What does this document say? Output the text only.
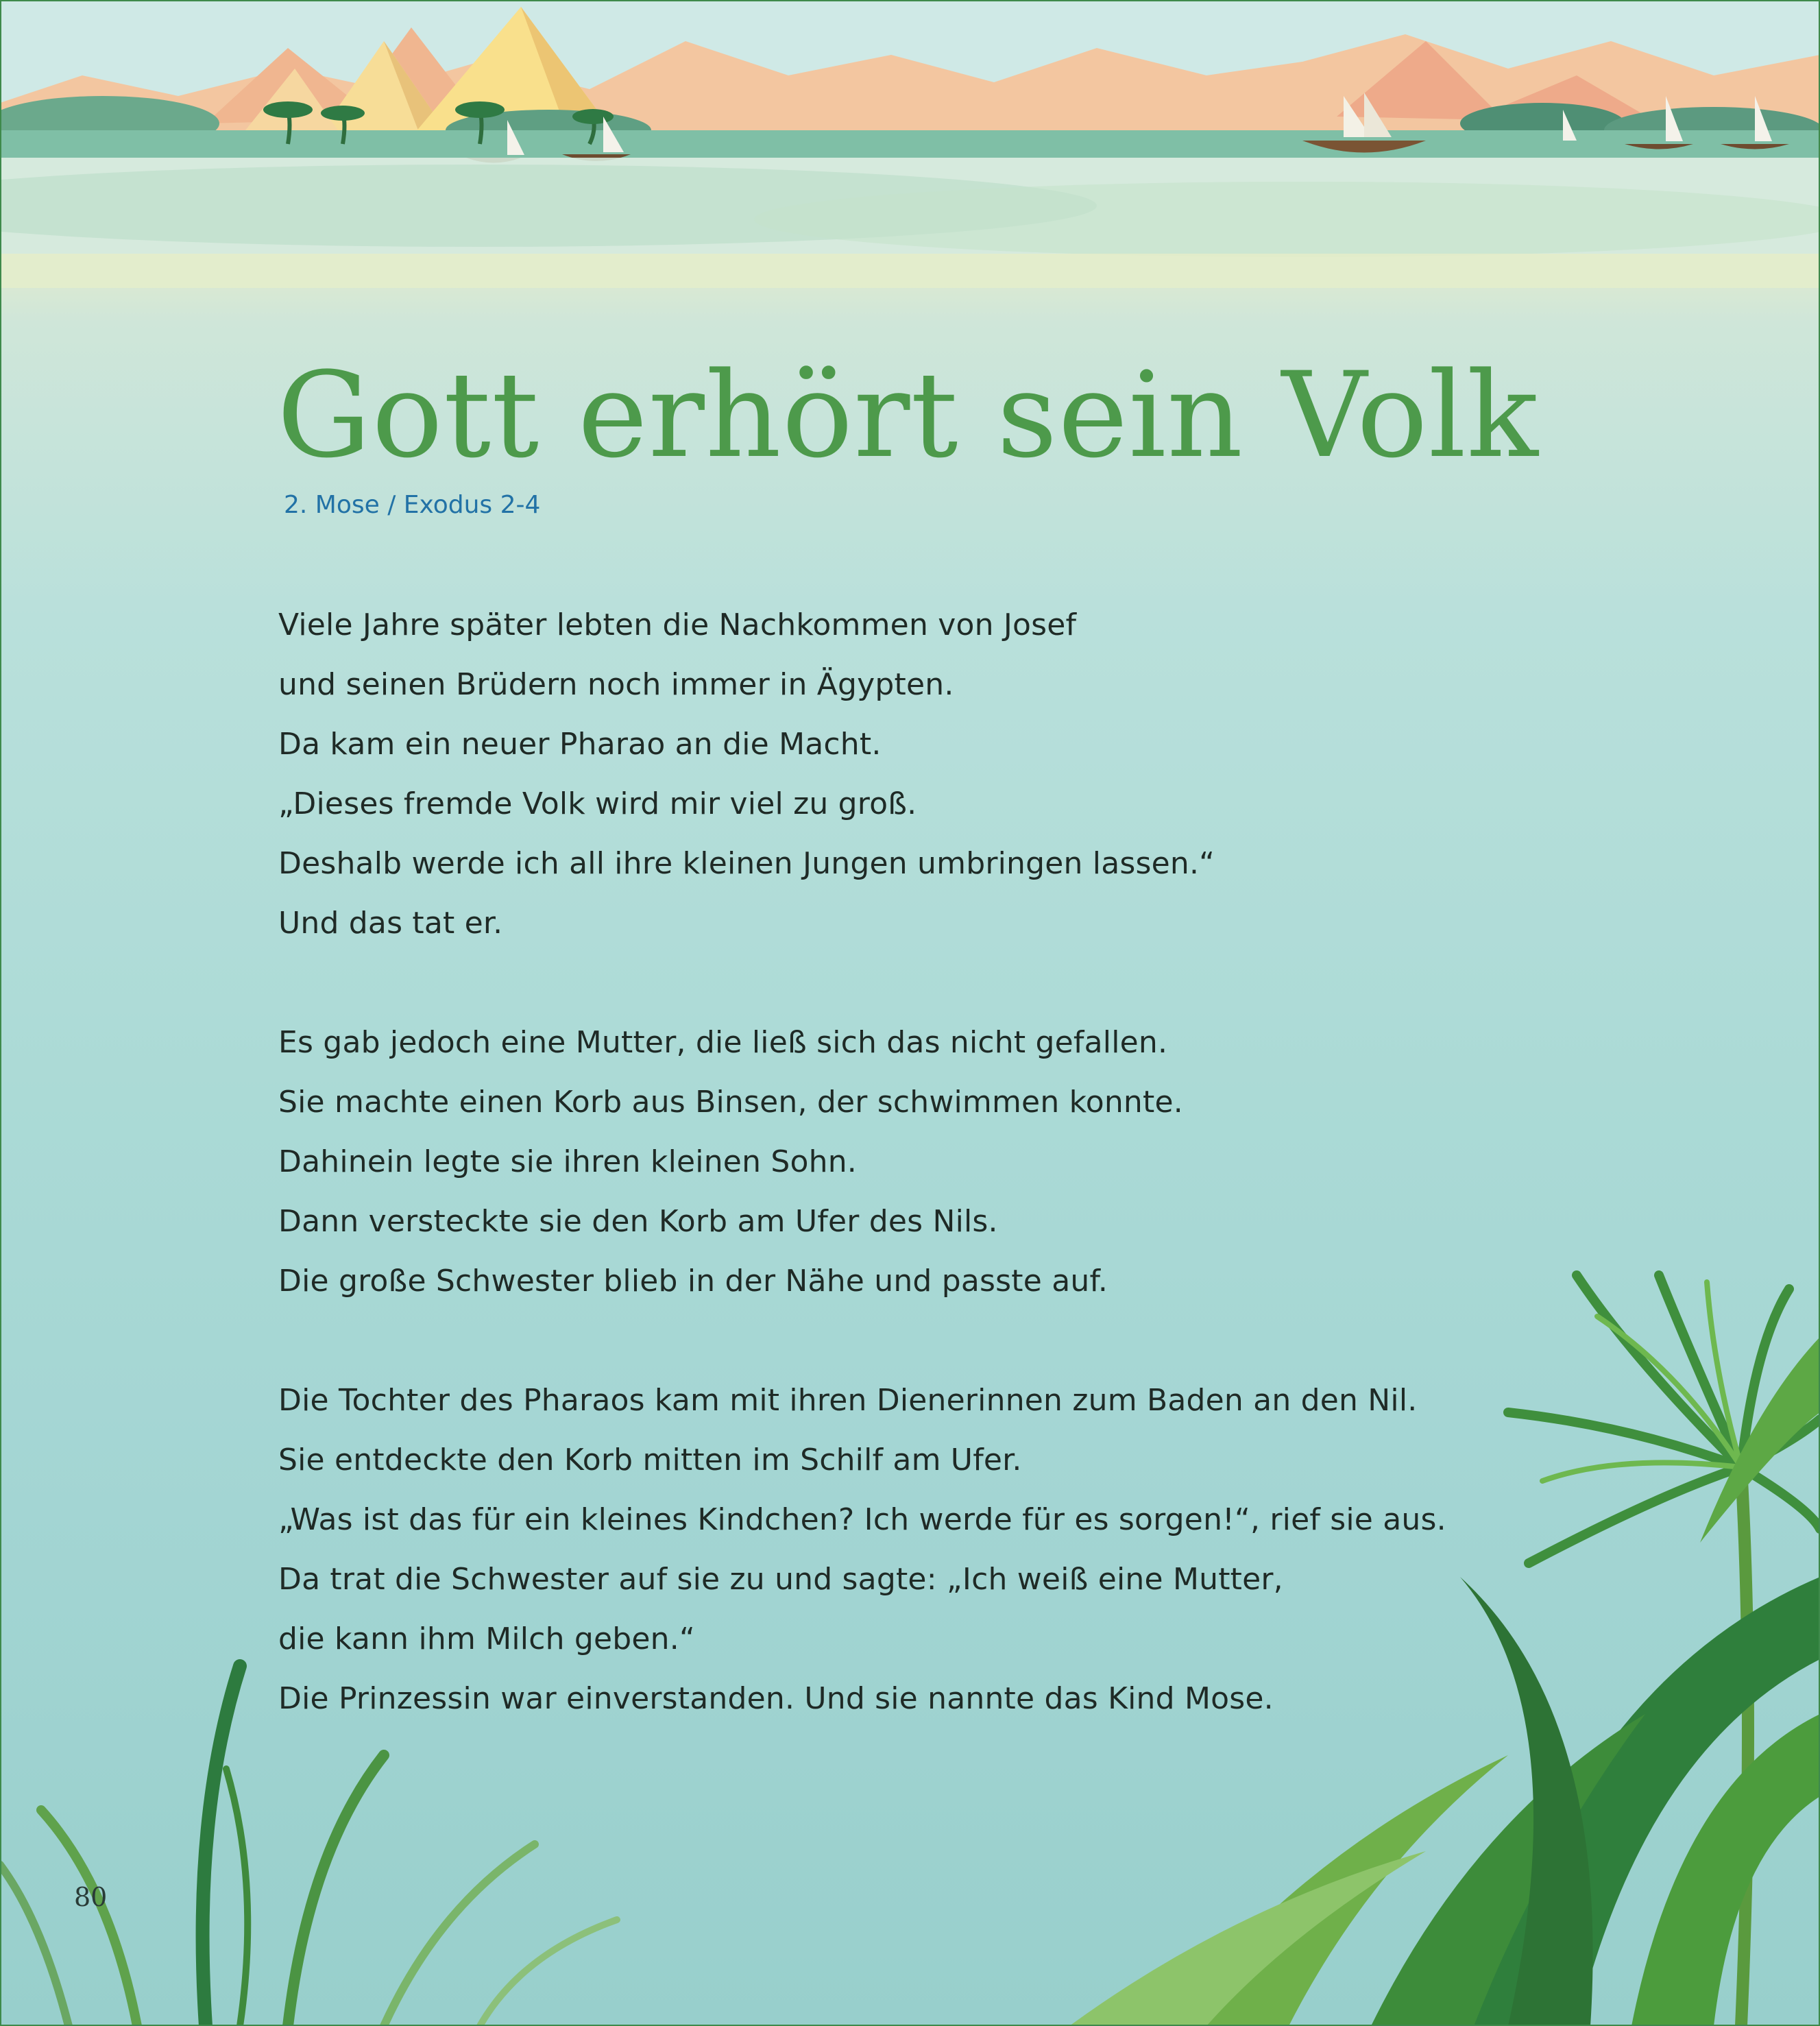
Gott erhört sein Volk
2. Mose / Exodus 2-4
Viele Jahre später lebten die Nachkommen von Josef
und seinen Brüdern noch immer in Ägypten.
Da kam ein neuer Pharao an die Macht.
„Dieses fremde Volk wird mir viel zu groß.
Deshalb werde ich all ihre kleinen Jungen umbringen lassen.“
Und das tat er.
Es gab jedoch eine Mutter, die ließ sich das nicht gefallen.
Sie machte einen Korb aus Binsen, der schwimmen konnte.
Dahinein legte sie ihren kleinen Sohn.
Dann versteckte sie den Korb am Ufer des Nils.
Die große Schwester blieb in der Nähe und passte auf.
Die Tochter des Pharaos kam mit ihren Dienerinnen zum Baden an den Nil.
Sie entdeckte den Korb mitten im Schilf am Ufer.
„Was ist das für ein kleines Kindchen? Ich werde für es sorgen!“, rief sie aus.
Da trat die Schwester auf sie zu und sagte: „Ich weiß eine Mutter,
die kann ihm Milch geben.“
Die Prinzessin war einverstanden. Und sie nannte das Kind Mose.
80
